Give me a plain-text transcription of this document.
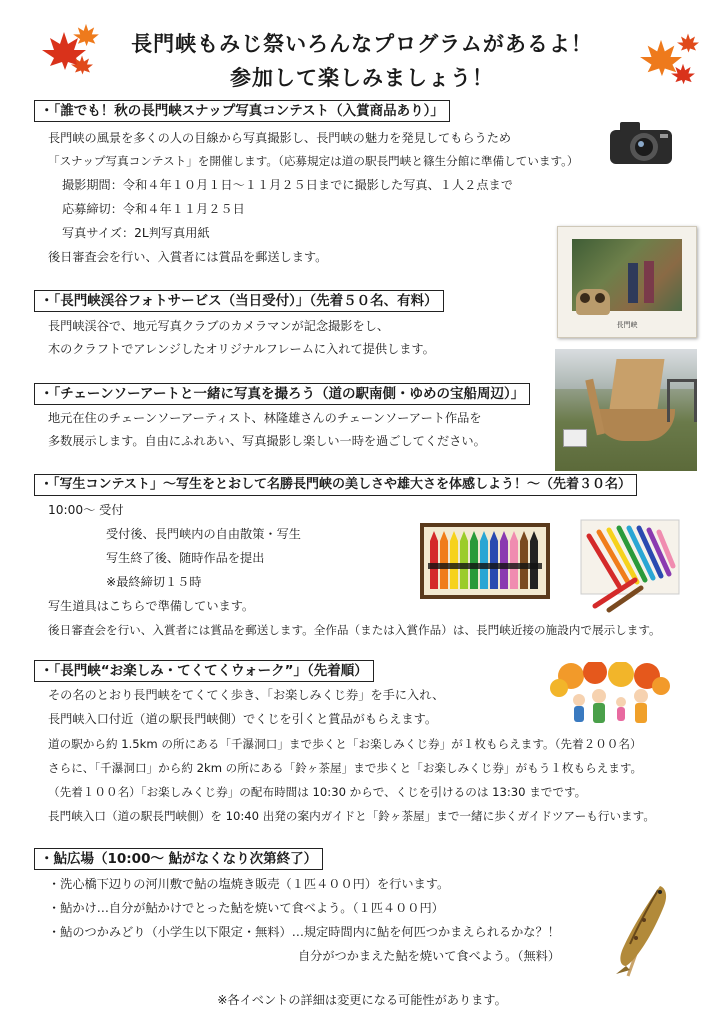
長門峡もみじ祭いろんなプログラムがあるよ！
参加して楽しみましょう！
・「誰でも！秋の長門峡スナップ写真コンテスト（入賞商品あり）」
長門峡の風景を多くの人の目線から写真撮影し、長門峡の魅力を発見してもらうため
「スナップ写真コンテスト」を開催します。（応募規定は道の駅長門峡と篠生分館に準備しています。）
撮影期間：令和４年１０月１日～１１月２５日までに撮影した写真、１人２点まで
応募締切：令和４年１１月２５日
写真サイズ：2L判写真用紙
後日審査会を行い、入賞者には賞品を郵送します。
長門峡
・「長門峡渓谷フォトサービス（当日受付）」（先着５０名、有料）
長門峡渓谷で、地元写真クラブのカメラマンが記念撮影をし、
木のクラフトでアレンジしたオリジナルフレームに入れて提供します。
・「チェーンソーアートと一緒に写真を撮ろう（道の駅南側・ゆめの宝船周辺）」
地元在住のチェーンソーアーティスト、林隆雄さんのチェーンソーアート作品を
多数展示します。自由にふれあい、写真撮影し楽しい一時を過ごしてください。
・「写生コンテスト」～写生をとおして名勝長門峡の美しさや雄大さを体感しよう！～（先着３０名）
10:00～ 受付
受付後、長門峡内の自由散策・写生
写生終了後、随時作品を提出
※最終締切１５時
写生道具はこちらで準備しています。
後日審査会を行い、入賞者には賞品を郵送します。全作品（または入賞作品）は、長門峡近接の施設内で展示します。
・「長門峡“お楽しみ・てくてくウォーク”」（先着順）
その名のとおり長門峡をてくてく歩き、「お楽しみくじ券」を手に入れ、
長門峡入口付近（道の駅長門峡側）でくじを引くと賞品がもらえます。
道の駅から約 1.5km の所にある「千瀑洞口」まで歩くと「お楽しみくじ券」が１枚もらえます。（先着２００名）
さらに、「千瀑洞口」から約 2km の所にある「鈴ヶ茶屋」まで歩くと「お楽しみくじ券」がもう１枚もらえます。
（先着１００名）「お楽しみくじ券」の配布時間は 10:30 からで、くじを引けるのは 13:30 までです。
長門峡入口（道の駅長門峡側）を 10:40 出発の案内ガイドと「鈴ヶ茶屋」まで一緒に歩くガイドツアーも行います。
・鮎広場（10:00～ 鮎がなくなり次第終了）
・洗心橋下辺りの河川敷で鮎の塩焼き販売（１匹４００円）を行います。
・鮎かけ…自分が鮎かけでとった鮎を焼いて食べよう。（１匹４００円）
・鮎のつかみどり（小学生以下限定・無料）…規定時間内に鮎を何匹つかまえられるかな？！
自分がつかまえた鮎を焼いて食べよう。（無料）
※各イベントの詳細は変更になる可能性があります。
